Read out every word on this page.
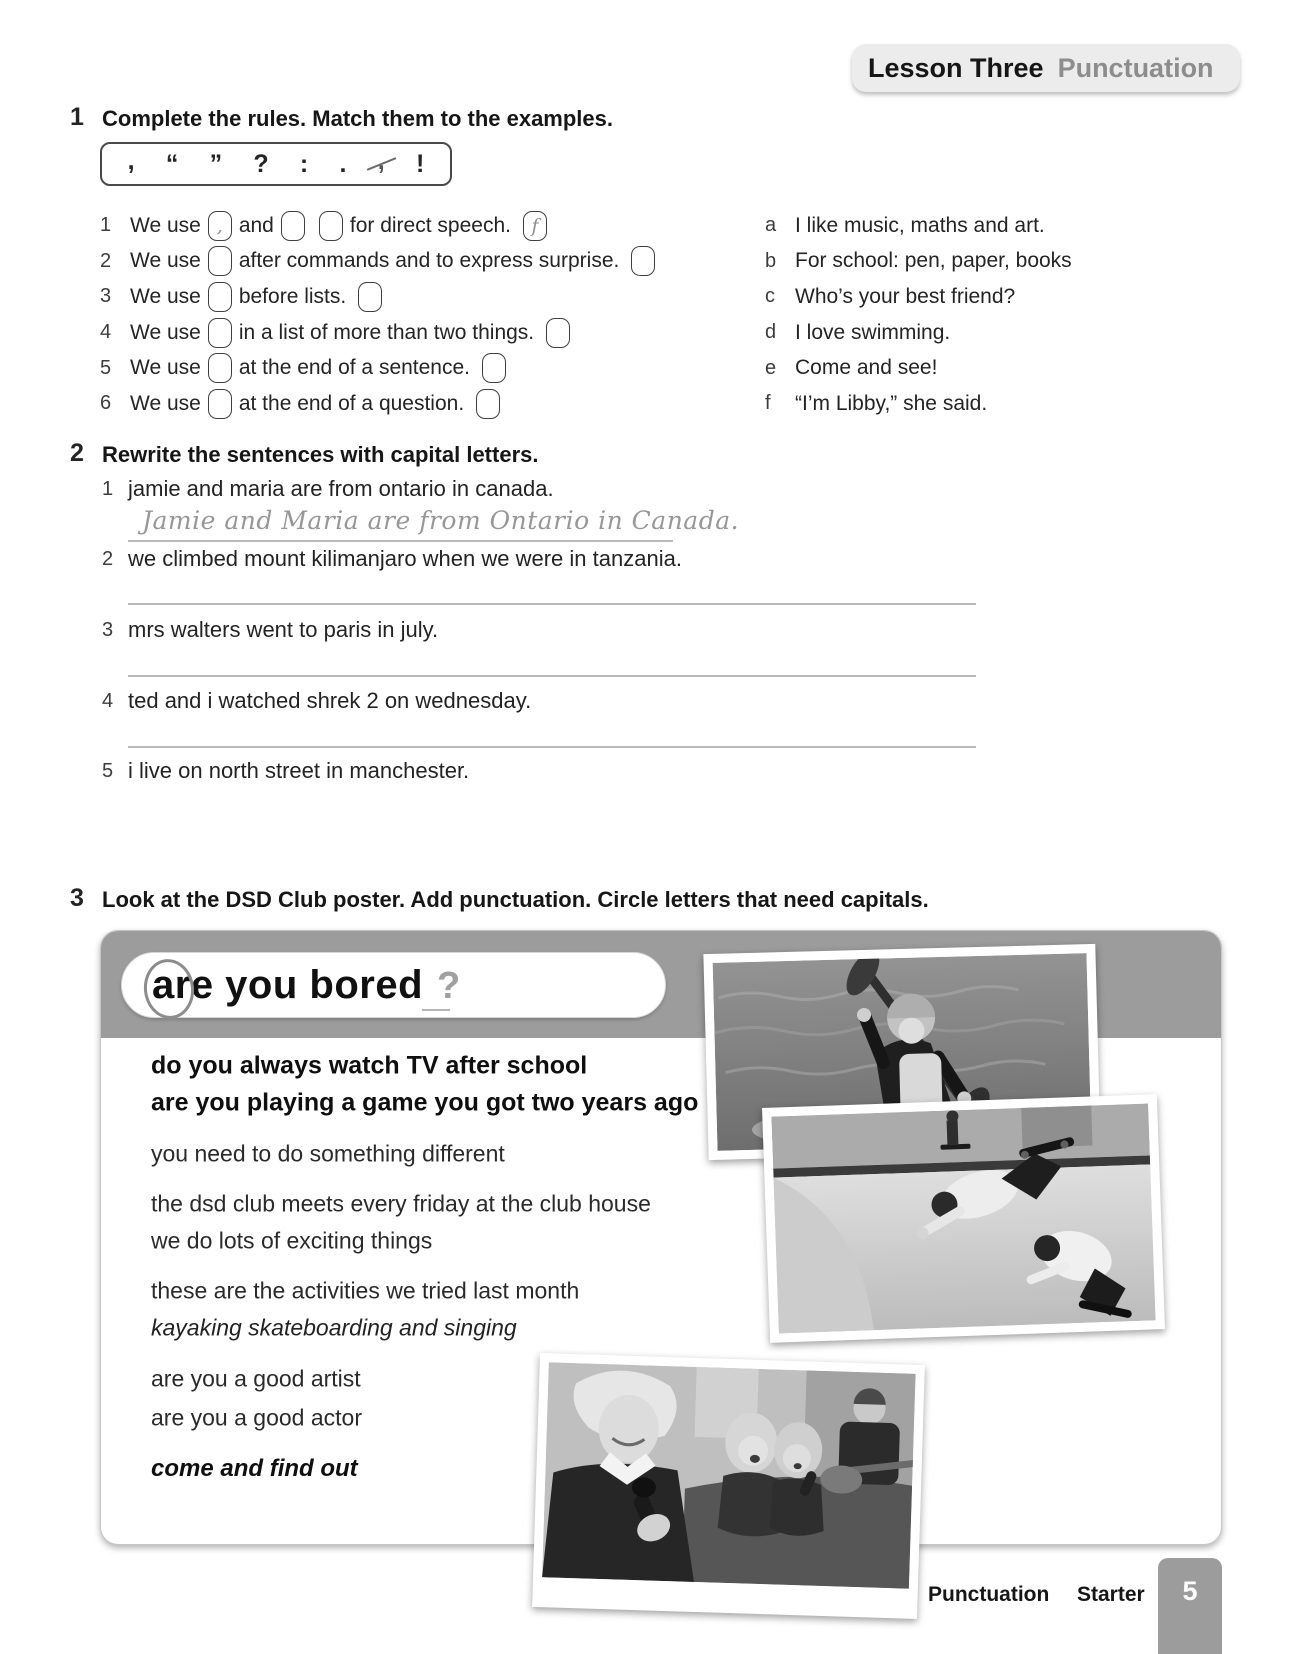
Lesson Three Punctuation
1 Complete the rules. Match them to the examples.
, “ ” ? : . , !
1 We use , and	for direct speech.	f
2 We use after commands and to express surprise.
3 We use before lists.
4 We use in a list of more than two things.
5 We use at the end of a sentence.
6 We use at the end of a question.
a I like music, maths and art.
b For school: pen, paper, books
c Who’s your best friend?
d I love swimming.
e Come and see!
f	“I’m Libby,” she said.
2 Rewrite the sentences with capital letters.
1 jamie and maria are from ontario in canada.
Jamie and Maria are from Ontario in Canada.
2 we climbed mount kilimanjaro when we were in tanzania.
3 mrs walters went to paris in july.
4 ted and i watched shrek 2 on wednesday.
5 i live on north street in manchester.
3 Look at the DSD Club poster. Add punctuation. Circle letters that need capitals.
are you bored ?
do you always watch TV after school
are you playing a game you got two years ago
you need to do something different
the dsd club meets every friday at the club house
we do lots of exciting things
these are the activities we tried last month
kayaking skateboarding and singing
are you a good artist
are you a good actor
come and find out
Punctuation Starter	5
